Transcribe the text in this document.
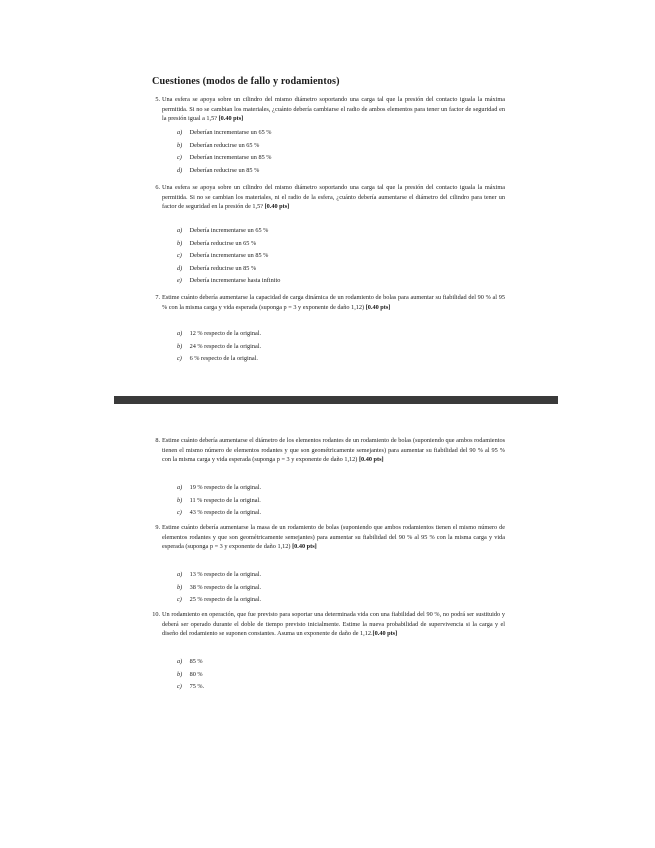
Cuestiones (modos de fallo y rodamientos)
5. Una esfera se apoya sobre un cilindro del mismo diámetro soportando una carga tal que la presión del contacto iguala la máxima permitida. Si no se cambian los materiales, ¿cuánto debería cambiarse el radio de ambos elementos para tener un factor de seguridad en la presión igual a 1,5? [0.40 pts]
a) Deberían incrementarse un 65 %
b) Deberían reducirse un 65 %
c) Deberían incrementarse un 85 %
d) Deberían reducirse un 85 %
6. Una esfera se apoya sobre un cilindro del mismo diámetro soportando una carga tal que la presión del contacto iguala la máxima permitida. Si no se cambian los materiales, ni el radio de la esfera, ¿cuánto debería aumentarse el diámetro del cilindro para tener un factor de seguridad en la presión de 1,5? [0.40 pts]
a) Debería incrementarse un 65 %
b) Debería reducirse un 65 %
c) Debería incrementarse un 85 %
d) Debería reducirse un 85 %
e) Debería incrementarse hasta infinito
7. Estime cuánto debería aumentarse la capacidad de carga dinámica de un rodamiento de bolas para aumentar su fiabilidad del 90 % al 95 % con la misma carga y vida esperada (suponga p = 3 y exponente de daño 1,12) [0.40 pts]
a) 12 % respecto de la original.
b) 24 % respecto de la original.
c) 6 % respecto de la original.
8. Estime cuánto debería aumentarse el diámetro de los elementos rodantes de un rodamiento de bolas (suponiendo que ambos rodamientos tienen el mismo número de elementos rodantes y que son geométricamente semejantes) para aumentar su fiabilidad del 90 % al 95 % con la misma carga y vida esperada (suponga p = 3 y exponente de daño 1,12) [0.40 pts]
a) 19 % respecto de la original.
b) 11 % respecto de la original.
c) 43 % respecto de la original.
9. Estime cuánto debería aumentarse la masa de un rodamiento de bolas (suponiendo que ambos rodamientos tienen el mismo número de elementos rodantes y que son geométricamente semejantes) para aumentar su fiabilidad del 90 % al 95 % con la misma carga y vida esperada (suponga p = 3 y exponente de daño 1,12) [0.40 pts]
a) 13 % respecto de la original.
b) 38 % respecto de la original.
c) 25 % respecto de la original.
10. Un rodamiento en operación, que fue previsto para soportar una determinada vida con una fiabilidad del 90 %, no podrá ser sustituido y deberá ser operado durante el doble de tiempo previsto inicialmente. Estime la nueva probabilidad de supervivencia si la carga y el diseño del rodamiento se suponen constantes. Asuma un exponente de daño de 1,12.[0.40 pts]
a) 85 %
b) 80 %
c) 75 %.
